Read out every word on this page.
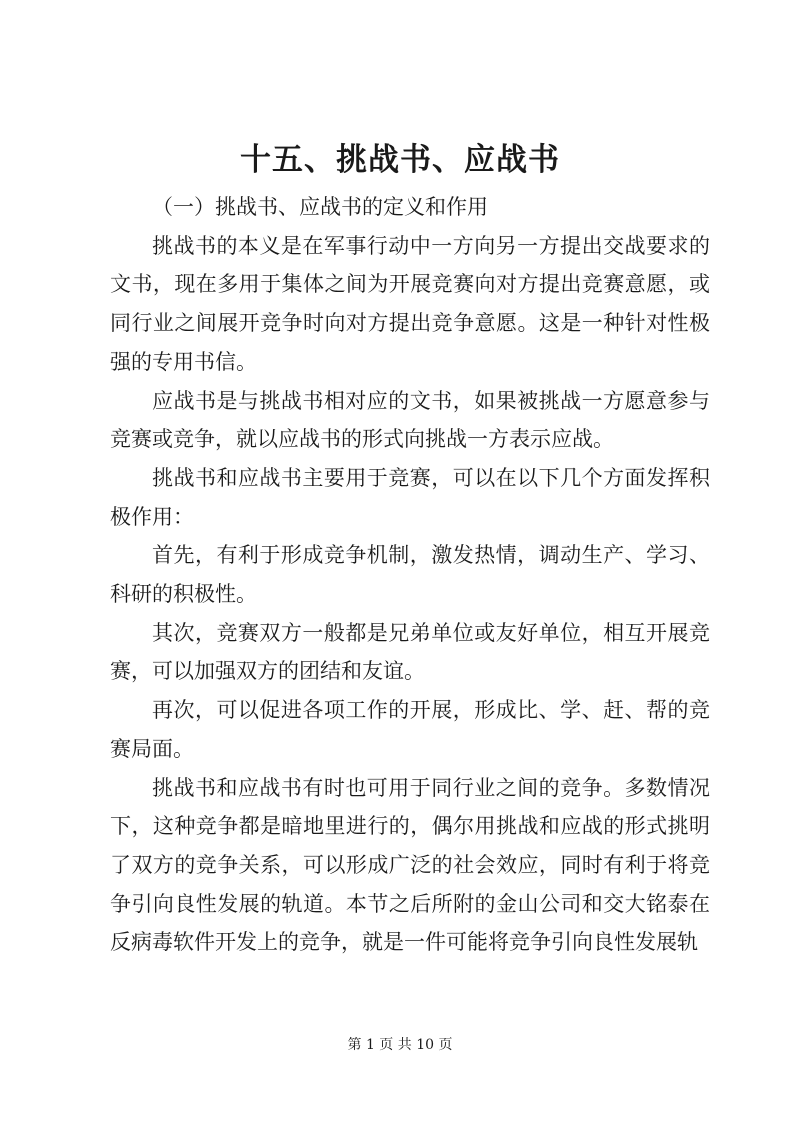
十五、挑战书、应战书

（一）挑战书、应战书的定义和作用

挑战书的本义是在军事行动中一方向另一方提出交战要求的文书，现在多用于集体之间为开展竞赛向对方提出竞赛意愿，或同行业之间展开竞争时向对方提出竞争意愿。这是一种针对性极强的专用书信。

应战书是与挑战书相对应的文书，如果被挑战一方愿意参与竞赛或竞争，就以应战书的形式向挑战一方表示应战。

挑战书和应战书主要用于竞赛，可以在以下几个方面发挥积极作用：

首先，有利于形成竞争机制，激发热情，调动生产、学习、科研的积极性。

其次，竞赛双方一般都是兄弟单位或友好单位，相互开展竞赛，可以加强双方的团结和友谊。

再次，可以促进各项工作的开展，形成比、学、赶、帮的竞赛局面。

挑战书和应战书有时也可用于同行业之间的竞争。多数情况下，这种竞争都是暗地里进行的，偶尔用挑战和应战的形式挑明了双方的竞争关系，可以形成广泛的社会效应，同时有利于将竞争引向良性发展的轨道。本节之后所附的金山公司和交大铭泰在反病毒软件开发上的竞争，就是一件可能将竞争引向良性发展轨

第 1 页 共 10 页
